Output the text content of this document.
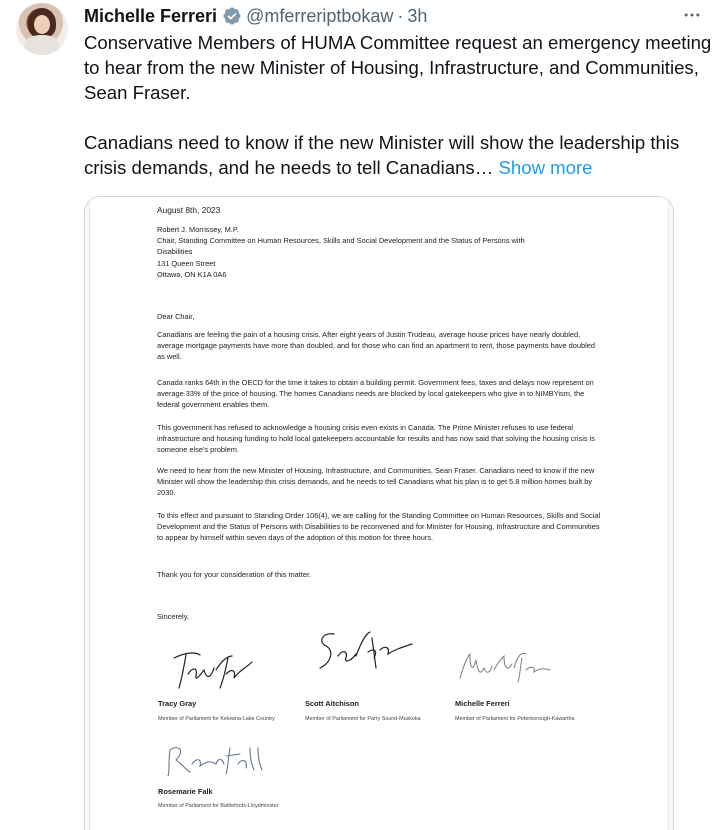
Michelle Ferreri @mferreriptbokaw · 3h
Conservative Members of HUMA Committee request an emergency meeting to hear from the new Minister of Housing, Infrastructure, and Communities, Sean Fraser.

Canadians need to know if the new Minister will show the leadership this crisis demands, and he needs to tell Canadians… Show more
August 8th, 2023
Robert J. Morrissey, M.P.
Chair, Standing Committee on Human Resources, Skills and Social Development and the Status of Persons with
Disabilities
131 Queen Street
Ottawa, ON K1A 0A6
Dear Chair,

Canadians are feeling the pain of a housing crisis. After eight years of Justin Trudeau, average house prices have nearly doubled, average mortgage payments have more than doubled, and for those who can find an apartment to rent, those payments have doubled as well.

Canada ranks 64th in the OECD for the time it takes to obtain a building permit. Government fees, taxes and delays now represent on average 33% of the price of housing. The homes Canadians needs are blocked by local gatekeepers who give in to NIMBYism, the federal government enables them.

This government has refused to acknowledge a housing crisis even exists in Canada. The Prime Minister refuses to use federal infrastructure and housing funding to hold local gatekeepers accountable for results and has now said that solving the housing crisis is someone else's problem.

We need to hear from the new Minister of Housing, Infrastructure, and Communities, Sean Fraser. Canadians need to know if the new Minister will show the leadership this crisis demands, and he needs to tell Canadians what his plan is to get 5.8 million homes built by 2030.

To this effect and pursuant to Standing Order 106(4), we are calling for the Standing Committee on Human Resources, Skills and Social Development and the Status of Persons with Disabilities to be reconvened and for Minister for Housing, Infrastructure and Communities to appear by himself within seven days of the adoption of this motion for three hours.

Thank you for your consideration of this matter.

Sincerely,
Tracy Gray
Member of Parliament for Kelowna-Lake Country
Scott Aitchison
Member of Parliament for Parry Sound-Muskoka
Michelle Ferreri
Member of Parliament for Peterborough-Kawartha
Rosemarie Falk
Member of Parliament for Battlefords-Lloydminster
